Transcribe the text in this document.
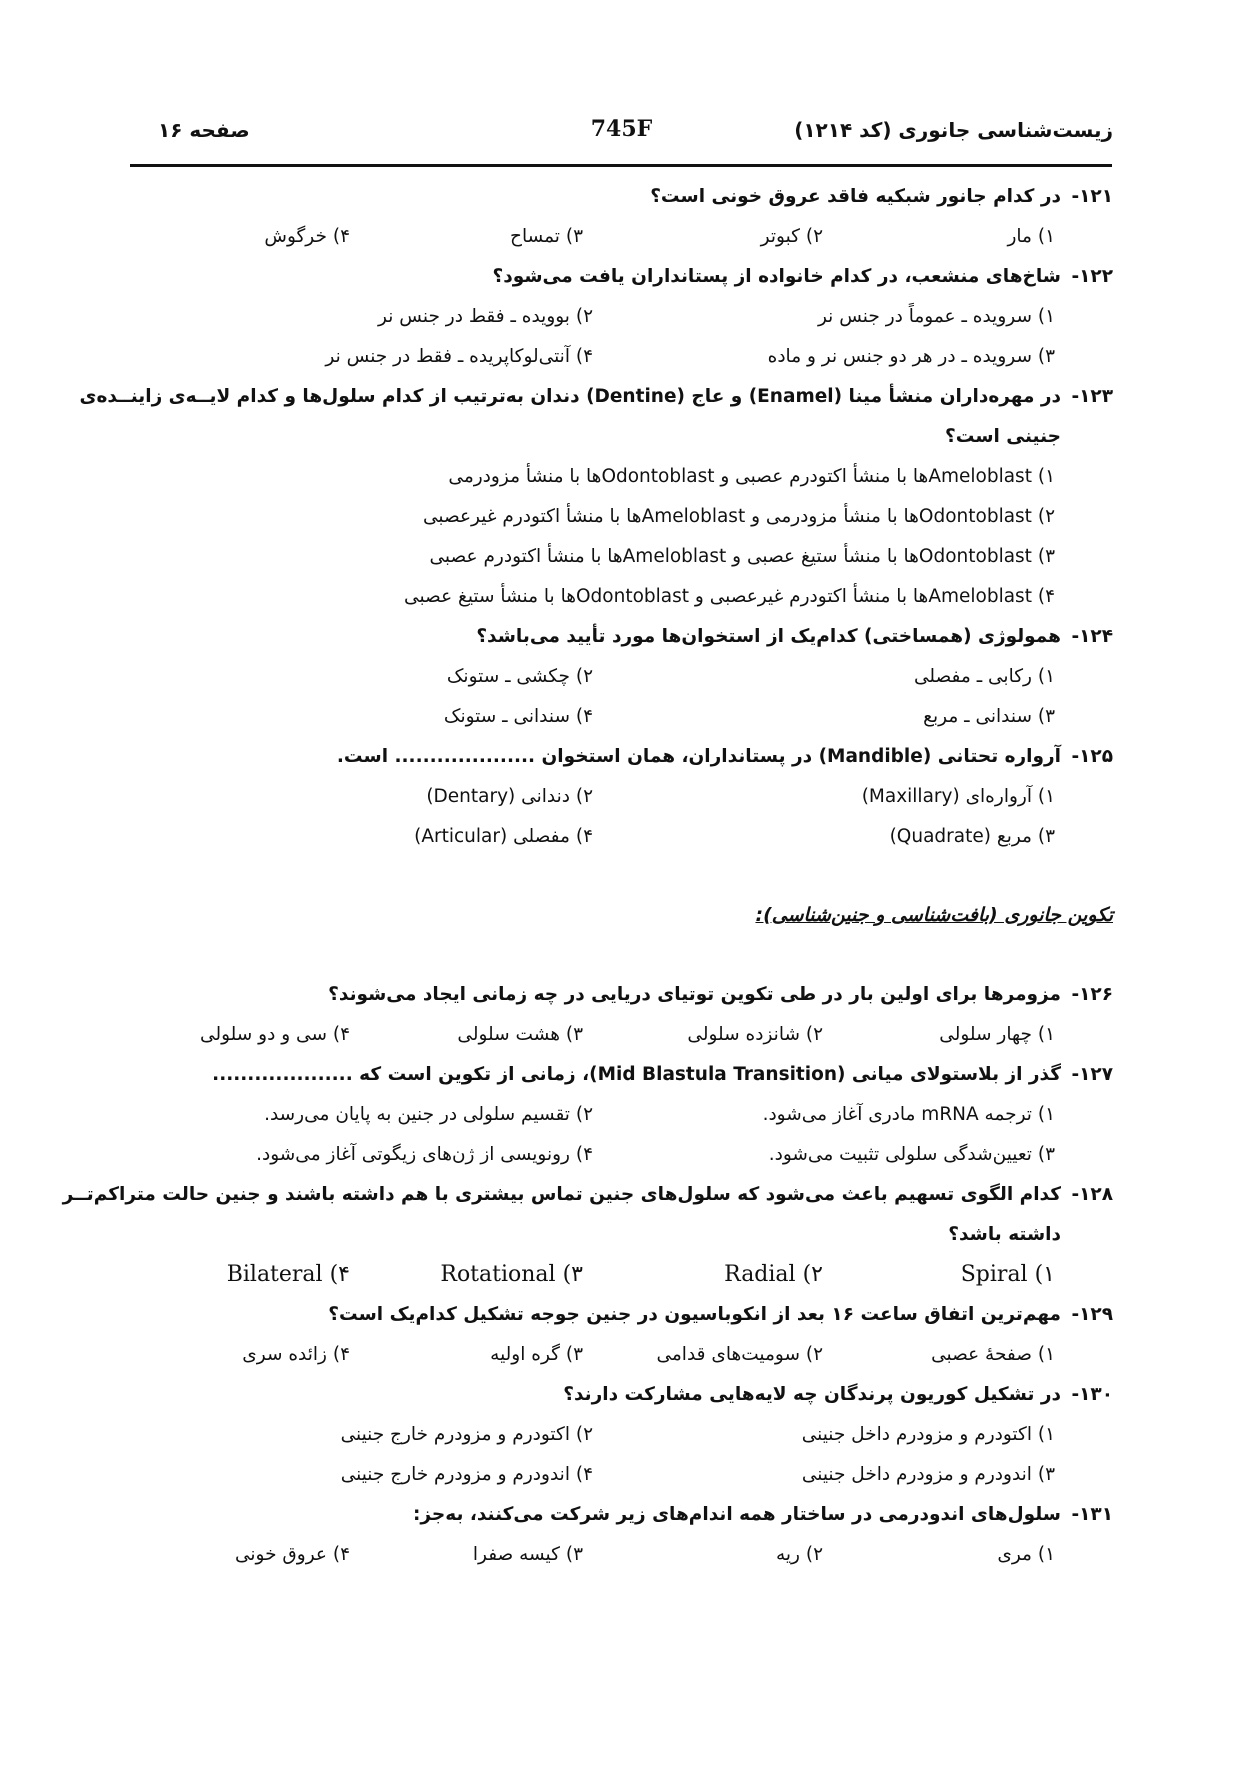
زیست‌شناسی جانوری (کد ۱۲۱۴)
745F
صفحه ۱۶
۱۲۱-در کدام جانور شبکیه فاقد عروق خونی است؟
۱) مار
۲) کبوتر
۳) تمساح
۴) خرگوش
۱۲۲-شاخ‌های منشعب، در کدام خانواده از پستانداران یافت می‌شود؟
۱) سرویده ـ عموماً در جنس نر
۲) بوویده ـ فقط در جنس نر
۳) سرویده ـ در هر دو جنس نر و ماده
۴) آنتی‌لوکاپریده ـ فقط در جنس نر
۱۲۳-در مهره‌داران منشأ مینا (Enamel) و عاج (Dentine) دندان به‌ترتیب از کدام سلول‌ها و کدام لایــه‌ی زاینــده‌ی
جنینی است؟
۱) Ameloblastها با منشأ اکتودرم عصبی و Odontoblastها با منشأ مزودرمی
۲) Odontoblastها با منشأ مزودرمی و Ameloblastها با منشأ اکتودرم غیرعصبی
۳) Odontoblastها با منشأ ستیغ عصبی و Ameloblastها با منشأ اکتودرم عصبی
۴) Ameloblastها با منشأ اکتودرم غیرعصبی و Odontoblastها با منشأ ستیغ عصبی
۱۲۴-همولوژی (همساختی) کدام‌یک از استخوان‌ها مورد تأیید می‌باشد؟
۱) رکابی ـ مفصلی
۲) چکشی ـ ستونک
۳) سندانی ـ مربع
۴) سندانی ـ ستونک
۱۲۵-آرواره تحتانی (Mandible) در پستانداران، همان استخوان .................... است.
۱) آرواره‌ای (Maxillary)
۲) دندانی (Dentary)
۳) مربع (Quadrate)
۴) مفصلی (Articular)
تکوین جانوری (بافت‌شناسی و جنین‌شناسی):
۱۲۶-مزومرها برای اولین بار در طی تکوین توتیای دریایی در چه زمانی ایجاد می‌شوند؟
۱) چهار سلولی
۲) شانزده سلولی
۳) هشت سلولی
۴) سی و دو سلولی
۱۲۷-گذر از بلاستولای میانی (Mid Blastula Transition)، زمانی از تکوین است که ....................
۱) ترجمه mRNA مادری آغاز می‌شود.
۲) تقسیم سلولی در جنین به پایان می‌رسد.
۳) تعیین‌شدگی سلولی تثبیت می‌شود.
۴) رونویسی از ژن‌های زیگوتی آغاز می‌شود.
۱۲۸-کدام الگوی تسهیم باعث می‌شود که سلول‌های جنین تماس بیشتری با هم داشته باشند و جنین حالت متراکم‌تــر
داشته باشد؟
۱) Spiral
۲) Radial
۳) Rotational
۴) Bilateral
۱۲۹-مهم‌ترین اتفاق ساعت ۱۶ بعد از انکوباسیون در جنین جوجه تشکیل کدام‌یک است؟
۱) صفحهٔ عصبی
۲) سومیت‌های قدامی
۳) گره اولیه
۴) زائده سری
۱۳۰-در تشکیل کوریون پرندگان چه لایه‌هایی مشارکت دارند؟
۱) اکتودرم و مزودرم داخل جنینی
۲) اکتودرم و مزودرم خارج جنینی
۳) اندودرم و مزودرم داخل جنینی
۴) اندودرم و مزودرم خارج جنینی
۱۳۱-سلول‌های اندودرمی در ساختار همه اندام‌های زیر شرکت می‌کنند، به‌جز:
۱) مری
۲) ریه
۳) کیسه صفرا
۴) عروق خونی
